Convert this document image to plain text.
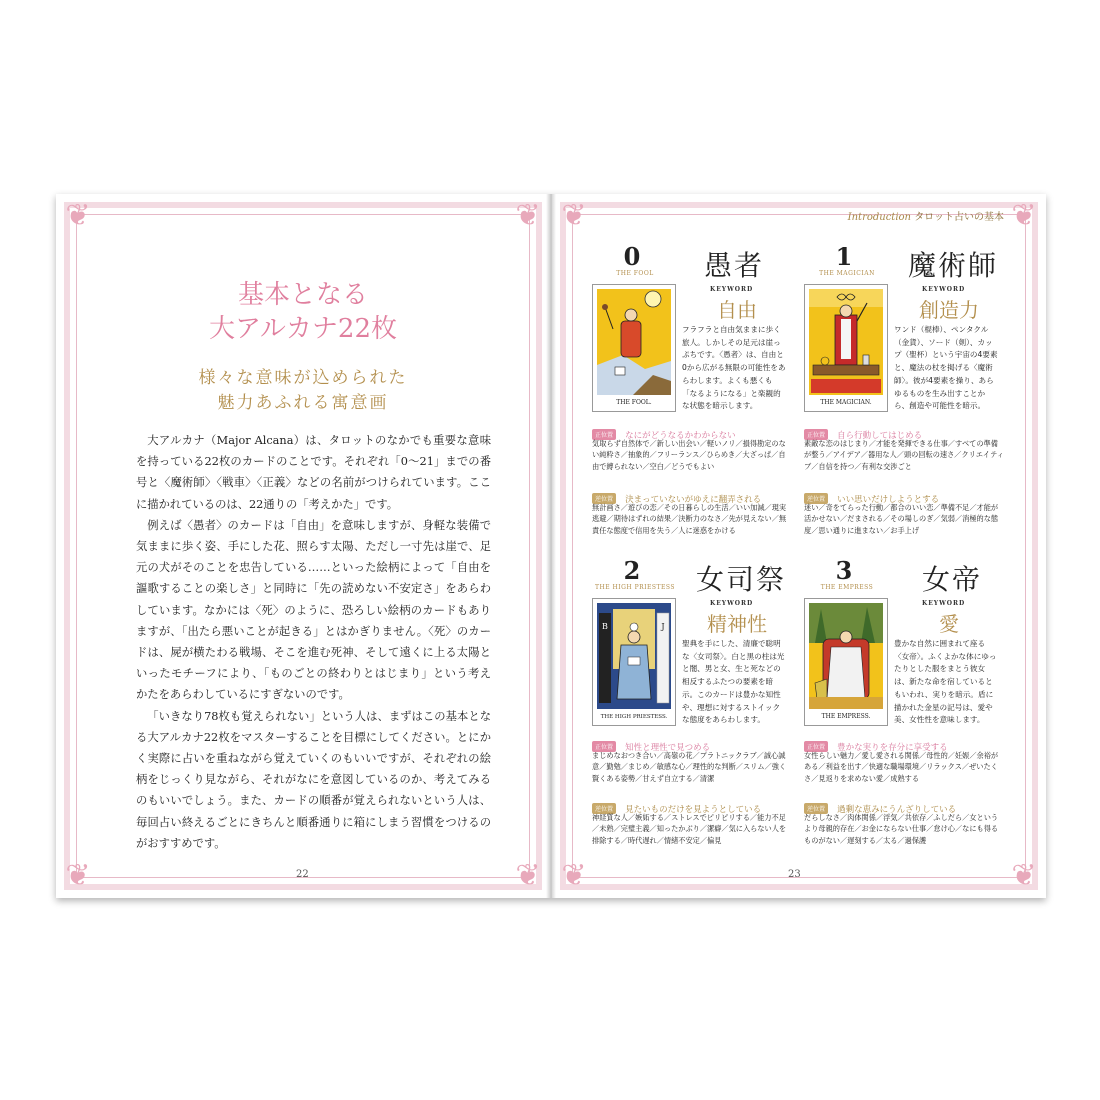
❦	❦
❦	❦
基本となる
大アルカナ22枚
様々な意味が込められた
魅力あふれる寓意画

大アルカナ（Major Alcana）は、タロットのなかでも重要な意味を持っている22枚のカードのことです。それぞれ「0～21」までの番号と〈魔術師〉〈戦車〉〈正義〉などの名前がつけられています。ここに描かれているのは、22通りの「考えかた」です。

例えば〈愚者〉のカードは「自由」を意味しますが、身軽な装備で気ままに歩く姿、手にした花、照らす太陽、ただし一寸先は崖で、足元の犬がそのことを忠告している……といった絵柄によって「自由を謳歌することの楽しさ」と同時に「先の読めない不安定さ」をあらわしています。なかには〈死〉のように、恐ろしい絵柄のカードもありますが、「出たら悪いことが起きる」とはかぎりません。〈死〉のカードは、屍が横たわる戦場、そこを進む死神、そして遠くに上る太陽といったモチーフにより、「ものごとの終わりとはじまり」という考えかたをあらわしているにすぎないのです。

「いきなり78枚も覚えられない」という人は、まずはこの基本となる大アルカナ22枚をマスターすることを目標にしてください。とにかく実際に占いを重ねながら覚えていくのもいいですが、それぞれの絵柄をじっくり見ながら、それがなにを意図しているのか、考えてみるのもいいでしょう。また、カードの順番が覚えられないという人は、毎回占い終えるごとにきちんと順番通りに箱にしまう習慣をつけるのがおすすめです。

22
❦	❦
❦	❦
Introduction タロット占いの基本
0
THE FOOL	愚者
KEYWORD
自由
THE FOOL.
フラフラと自由気ままに歩く旅人。しかしその足元は崖っぷちです。〈愚者〉は、自由と0から広がる無限の可能性をあらわします。よくも悪くも「なるようになる」と楽観的な状態を暗示します。
正位置 なにがどうなるかわからない
気取らず自然体で／新しい出会い／軽いノリ／損得勘定のない純粋さ／抽象的／フリーランス／ひらめき／大ざっぱ／自由で縛られない／空白／どうでもよい
逆位置 決まっていないがゆえに翻弄される
無計画さ／遊びの恋／その日暮らしの生活／いい加減／現実逃避／期待はずれの結果／決断力のなさ／先が見えない／無責任な態度で信用を失う／人に迷惑をかける
1
THE MAGICIAN	魔術師
KEYWORD
創造力
THE MAGICIAN.
ワンド（棍棒）、ペンタクル（金貨）、ソード（剣）、カップ（聖杯）という宇宙の4要素と、魔法の杖を掲げる〈魔術師〉。彼が4要素を操り、あらゆるものを生み出すことから、創造や可能性を暗示。
正位置 自ら行動してはじめる
素敵な恋のはじまり／才能を発揮できる仕事／すべての準備が整う／アイデア／器用な人／頭の回転の速さ／クリエイティブ／自信を持つ／有利な交渉ごと
逆位置 いい思いだけしようとする
迷い／奇をてらった行動／都合のいい恋／準備不足／才能が活かせない／だまされる／その場しのぎ／気弱／消極的な態度／思い通りに進まない／お手上げ
2
THE HIGH PRIESTESS 女司祭
KEYWORD
精神性
B	J
THE HIGH PRIESTESS.
聖典を手にした、清廉で聡明な〈女司祭〉。白と黒の柱は光と闇、男と女、生と死などの相反するふたつの要素を暗示。このカードは豊かな知性や、理想に対するストイックな態度をあらわします。
正位置 知性と理性で見つめる
まじめなおつき合い／高嶺の花／プラトニックラブ／誠心誠意／勤勉／まじめ／敏感な心／理性的な判断／スリム／強く賢くある姿勢／甘えず自立する／清潔
逆位置 見たいものだけを見ようとしている
神経質な人／嫉妬する／ストレスでピリピリする／能力不足／未熟／完璧主義／知ったかぶり／潔癖／気に入らない人を排除する／時代遅れ／情緒不安定／偏見
3
THE EMPRESS	女帝
KEYWORD
愛
THE EMPRESS.
豊かな自然に囲まれて座る〈女帝〉。ふくよかな体にゆったりとした服をまとう彼女は、新たな命を宿しているともいわれ、実りを暗示。盾に描かれた金星の記号は、愛や美、女性性を意味します。
正位置 豊かな実りを存分に享受する
女性らしい魅力／愛し愛される関係／母性的／妊娠／余裕がある／利益を出す／快適な職場環境／リラックス／ぜいたくさ／見返りを求めない愛／成熟する
逆位置 過剰な恵みにうんざりしている
だらしなさ／肉体関係／浮気／共依存／ふしだら／女というより母親的存在／お金にならない仕事／怠け心／なにも得るものがない／遅刻する／太る／過保護
23
